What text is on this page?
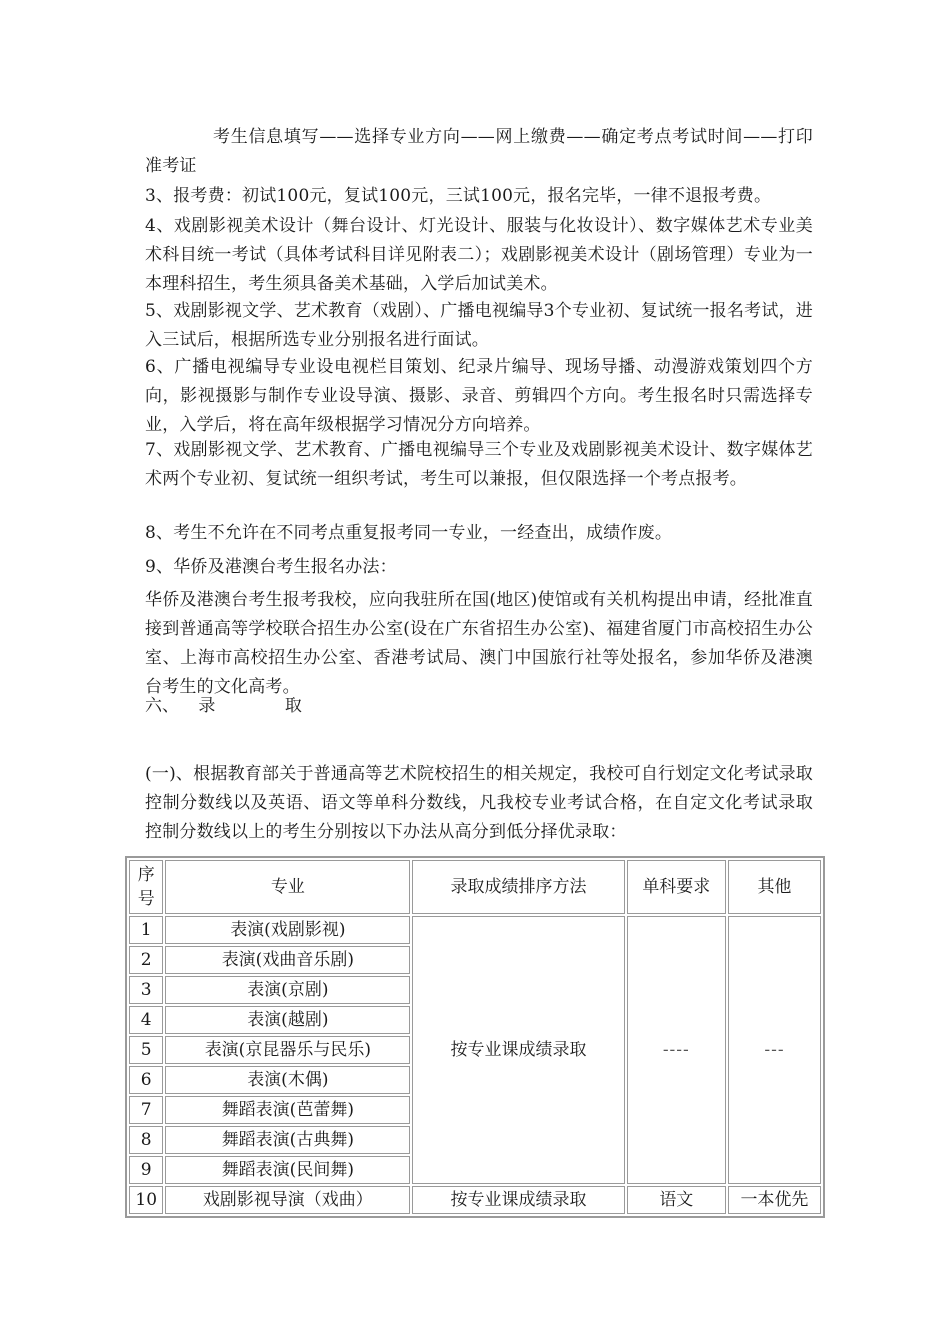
考生信息填写——选择专业方向——网上缴费——确定考点考试时间——打印准考证

3、报考费：初试100元，复试100元，三试100元，报名完毕，一律不退报考费。

4、戏剧影视美术设计（舞台设计、灯光设计、服装与化妆设计）、数字媒体艺术专业美术科目统一考试（具体考试科目详见附表二）；戏剧影视美术设计（剧场管理）专业为一本理科招生，考生须具备美术基础，入学后加试美术。

5、戏剧影视文学、艺术教育（戏剧）、广播电视编导3个专业初、复试统一报名考试，进入三试后，根据所选专业分别报名进行面试。

6、广播电视编导专业设电视栏目策划、纪录片编导、现场导播、动漫游戏策划四个方向，影视摄影与制作专业设导演、摄影、录音、剪辑四个方向。考生报名时只需选择专业，入学后，将在高年级根据学习情况分方向培养。

7、戏剧影视文学、艺术教育、广播电视编导三个专业及戏剧影视美术设计、数字媒体艺术两个专业初、复试统一组织考试，考生可以兼报，但仅限选择一个考点报考。

8、考生不允许在不同考点重复报考同一专业，一经查出，成绩作废。

9、华侨及港澳台考生报名办法：

华侨及港澳台考生报考我校，应向我驻所在国(地区)使馆或有关机构提出申请，经批准直接到普通高等学校联合招生办公室(设在广东省招生办公室)、福建省厦门市高校招生办公室、上海市高校招生办公室、香港考试局、澳门中国旅行社等处报名，参加华侨及港澳台考生的文化高考。

六、 录	取

(一)、根据教育部关于普通高等艺术院校招生的相关规定，我校可自行划定文化考试录取控制分数线以及英语、语文等单科分数线，凡我校专业考试合格，在自定文化考试录取控制分数线以上的考生分别按以下办法从高分到低分择优录取：

序号	专业	录取成绩排序方法	单科要求	其他
1	表演(戏剧影视)	按专业课成绩录取	----	---
2	表演(戏曲音乐剧)			
3	表演(京剧)			
4	表演(越剧)			
5	表演(京昆器乐与民乐)			
6	表演(木偶)			
7	舞蹈表演(芭蕾舞)			
8	舞蹈表演(古典舞)			
9	舞蹈表演(民间舞)			
10	戏剧影视导演（戏曲）	按专业课成绩录取	语文	一本优先
